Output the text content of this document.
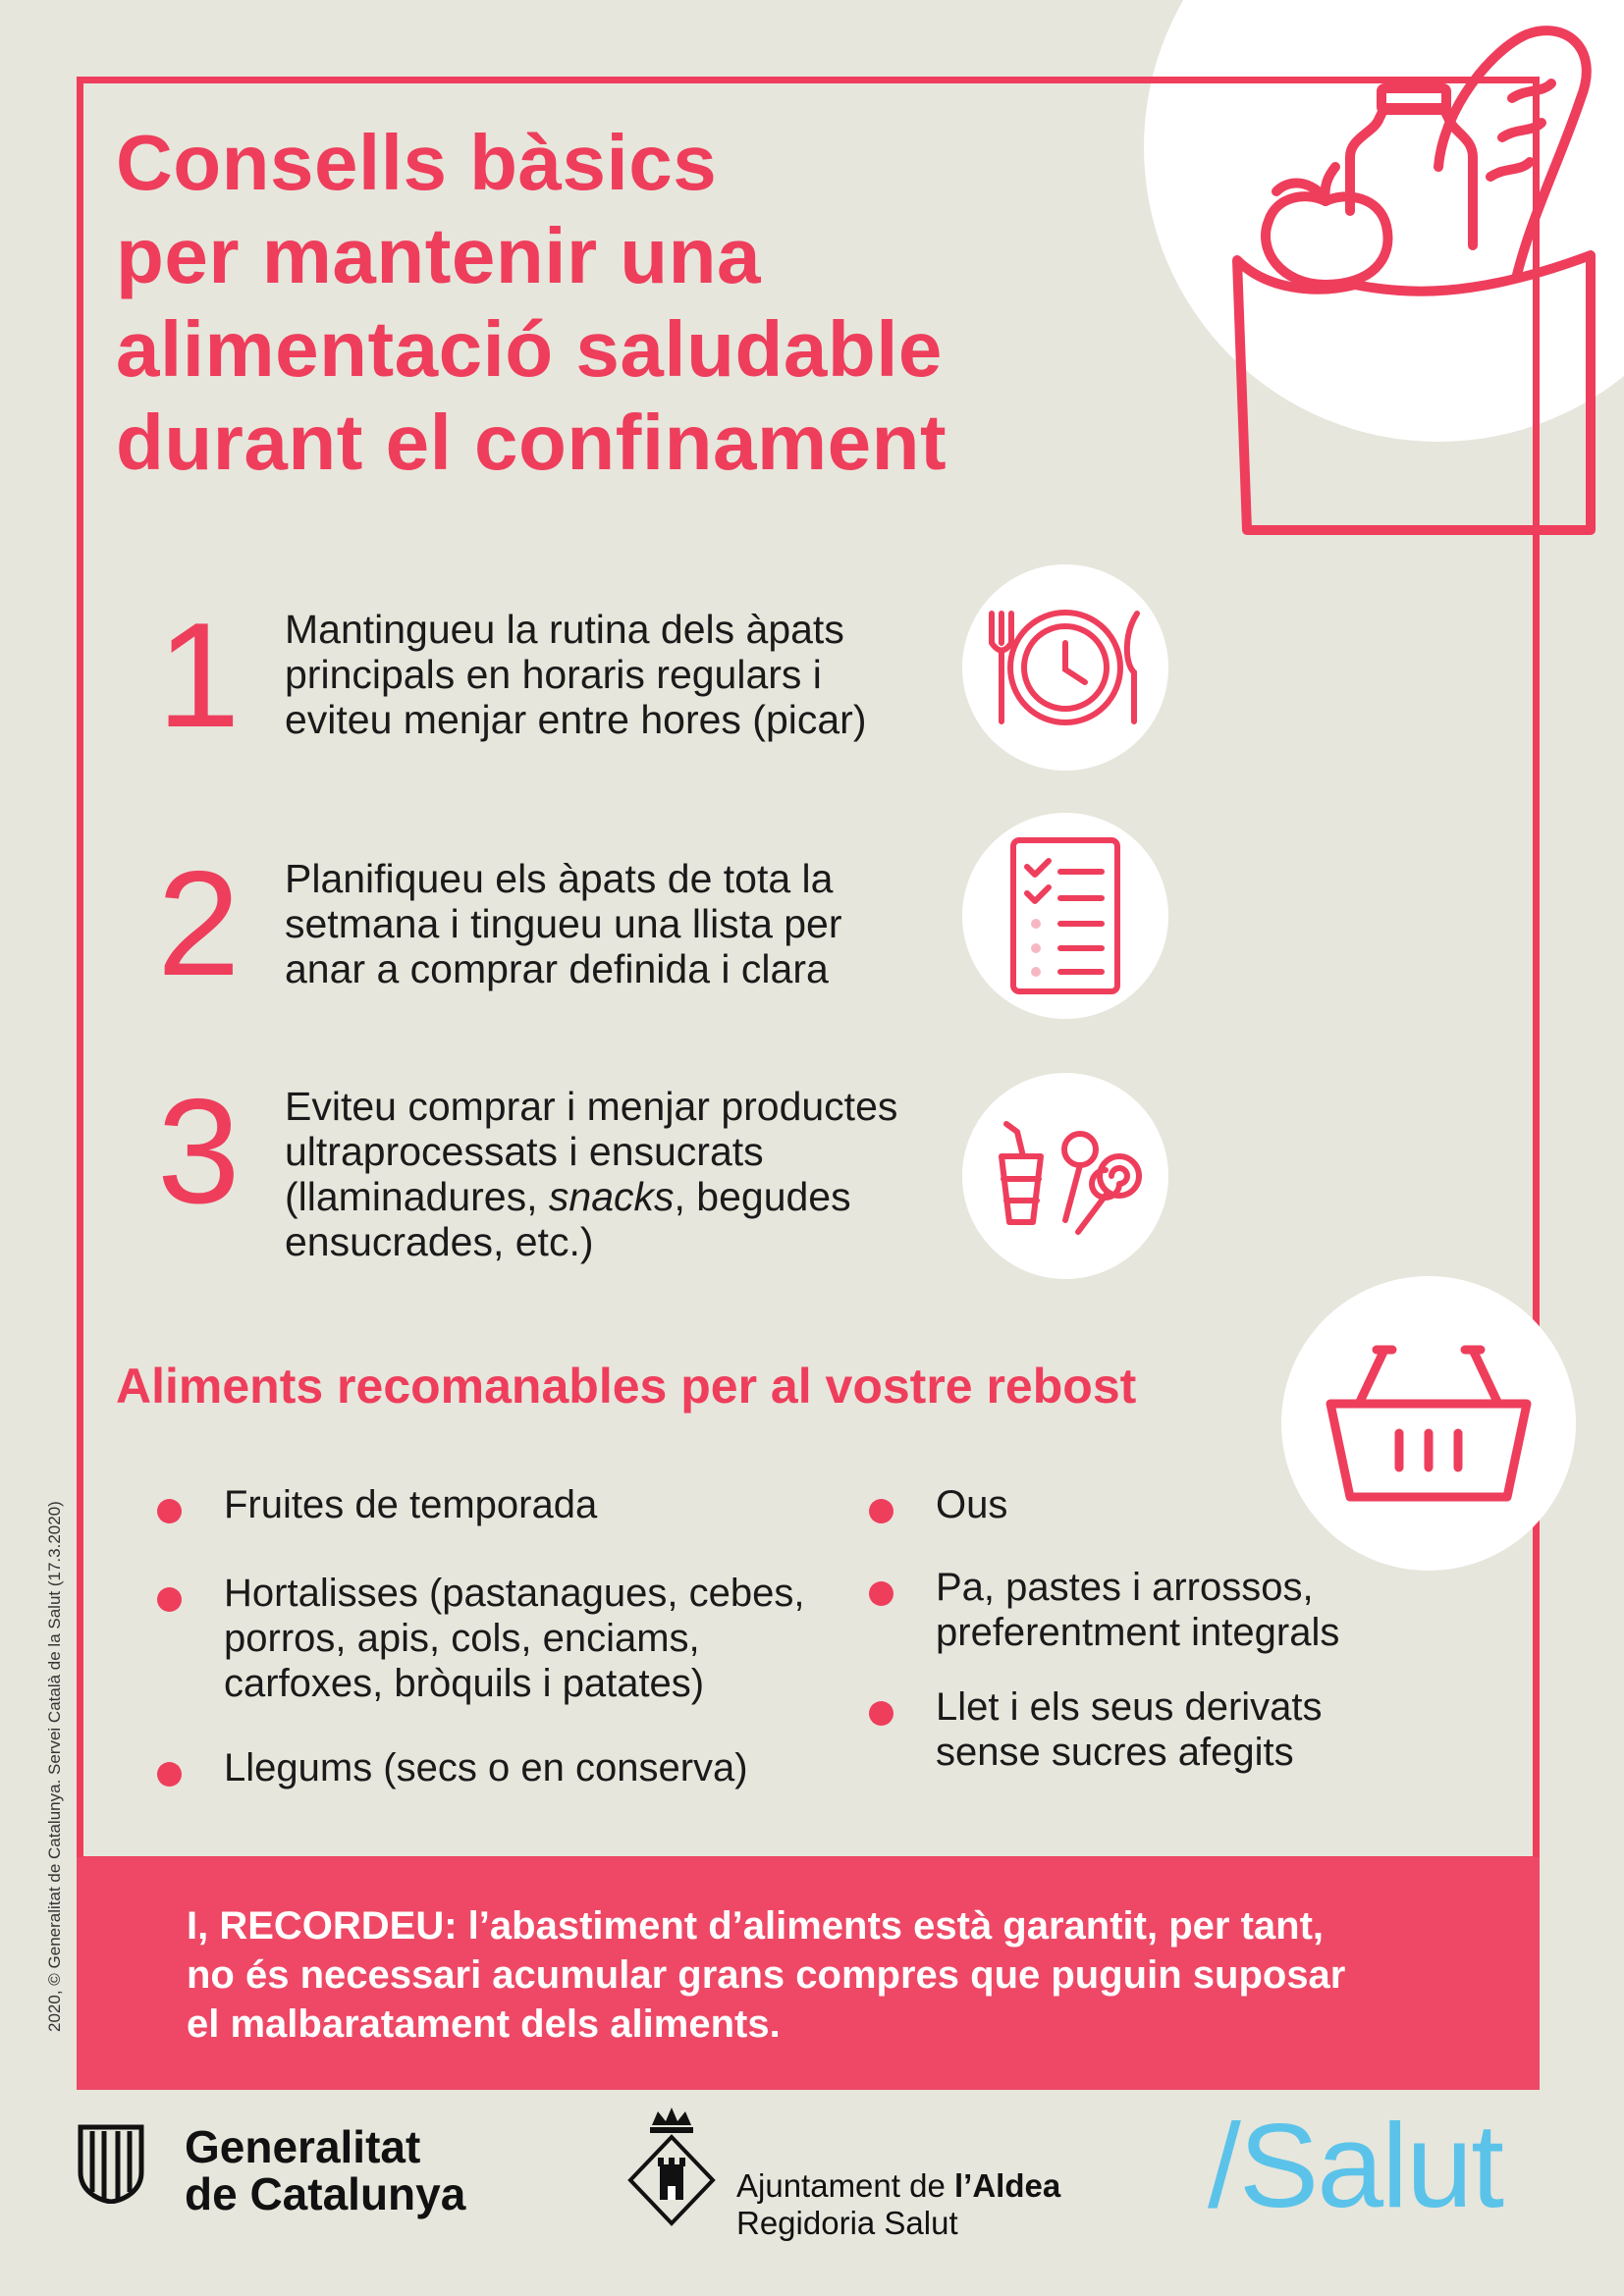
Consells bàsics
per mantenir una
alimentació saludable
durant el confinament
1 Mantingueu la rutina dels àpats
principals en horaris regulars i
eviteu menjar entre hores (picar)
2 Planifiqueu els àpats de tota la
setmana i tingueu una llista per
anar a comprar definida i clara
3 Eviteu comprar i menjar productes
ultraprocessats i ensucrats
(llaminadures, snacks, begudes
ensucrades, etc.)
Aliments recomanables per al vostre rebost
Fruites de temporada
Hortalisses (pastanagues, cebes,
porros, apis, cols, enciams,
carfoxes, bròquils i patates)
Llegums (secs o en conserva)
Ous
Pa, pastes i arrossos,
preferentment integrals
Llet i els seus derivats
sense sucres afegits
I, RECORDEU: l’abastiment d’aliments està garantit, per tant,
no és necessari acumular grans compres que puguin suposar
el malbaratament dels aliments.
2020, © Generalitat de Catalunya. Servei Català de la Salut (17.3.2020)
Generalitat
de Catalunya	Ajuntament de l’Aldea
Regidoria Salut	/Salut
